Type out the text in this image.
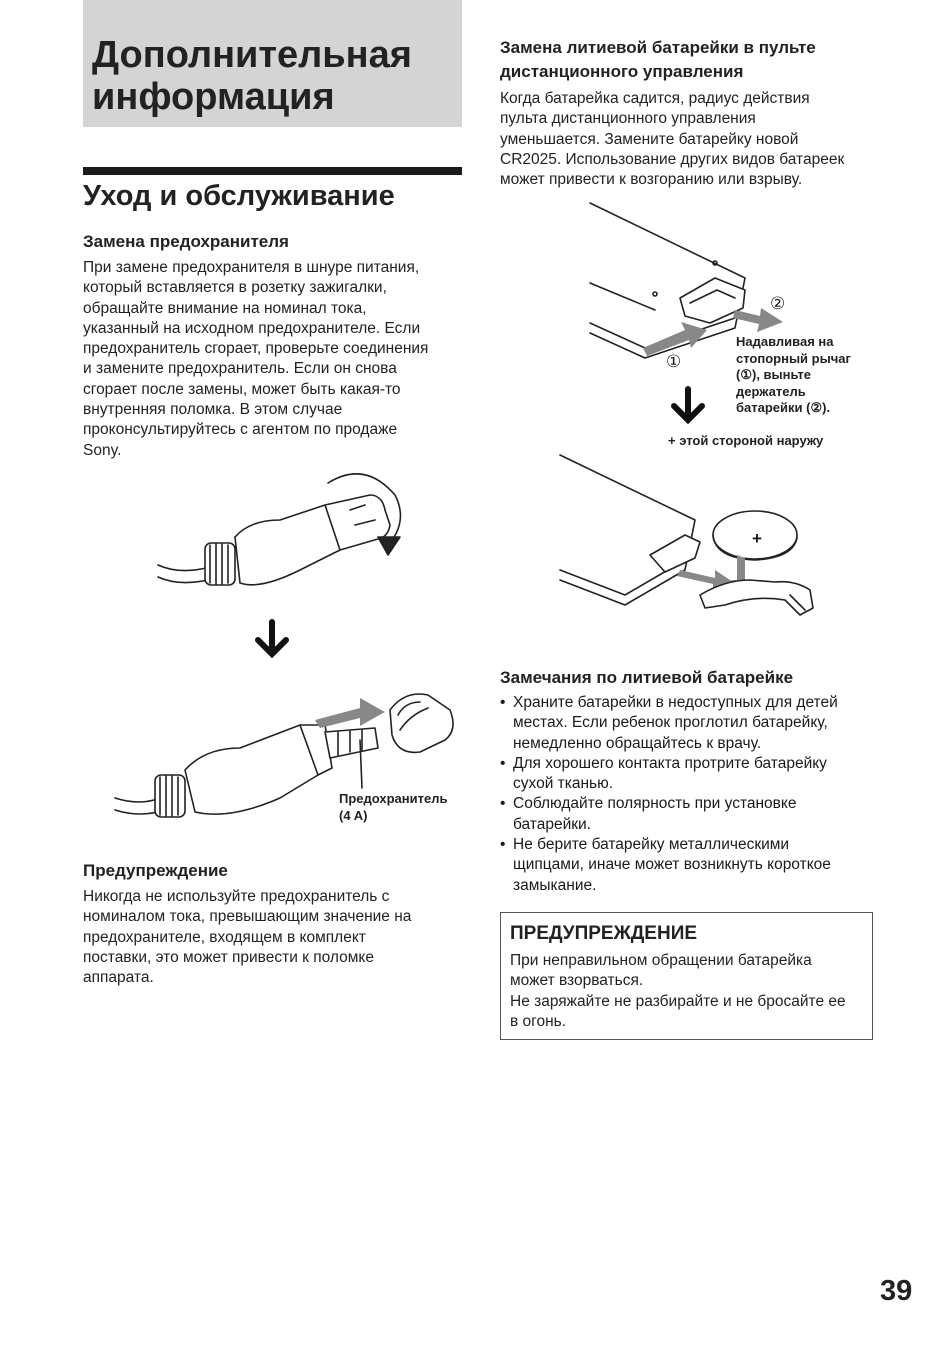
Дополнительная
информация
Уход и обслуживание
Замена предохранителя
При замене предохранителя в шнуре питания,
который вставляется в розетку зажигалки,
обращайте внимание на номинал тока,
указанный на исходном предохранителе. Если
предохранитель сгорает, проверьте соединения
и замените предохранитель. Если он снова
сгорает после замены, может быть какая-то
внутренняя поломка. В этом случае
проконсультируйтесь с агентом по продаже
Sony.
Предохранитель
(4 A)
Предупреждение
Никогда не используйте предохранитель с
номиналом тока, превышающим значение на
предохранителе, входящем в комплект
поставки, это может привести к поломке
аппарата.
Замена литиевой батарейки в пульте
дистанционного управления
Когда батарейка садится, радиус действия
пульта дистанционного управления
уменьшается. Замените батарейку новой
CR2025. Использование других видов батареек
может привести к возгоранию или взрыву.
①
②
Надавливая на
стопорный рычаг
(①), выньте
держатель
батарейки (②).
+ этой стороной наружу
+
Замечания по литиевой батарейке
• Храните батарейки в недоступных для детей
местах. Если ребенок проглотил батарейку,
немедленно обращайтесь к врачу.
• Для хорошего контакта протрите батарейку
сухой тканью.
• Соблюдайте полярность при установке
батарейки.
• Не берите батарейку металлическими
щипцами, иначе может возникнуть короткое
замыкание.
ПРЕДУПРЕЖДЕНИЕ
При неправильном обращении батарейка
может взорваться.
Не заряжайте не разбирайте и не бросайте ее
в огонь.
39
